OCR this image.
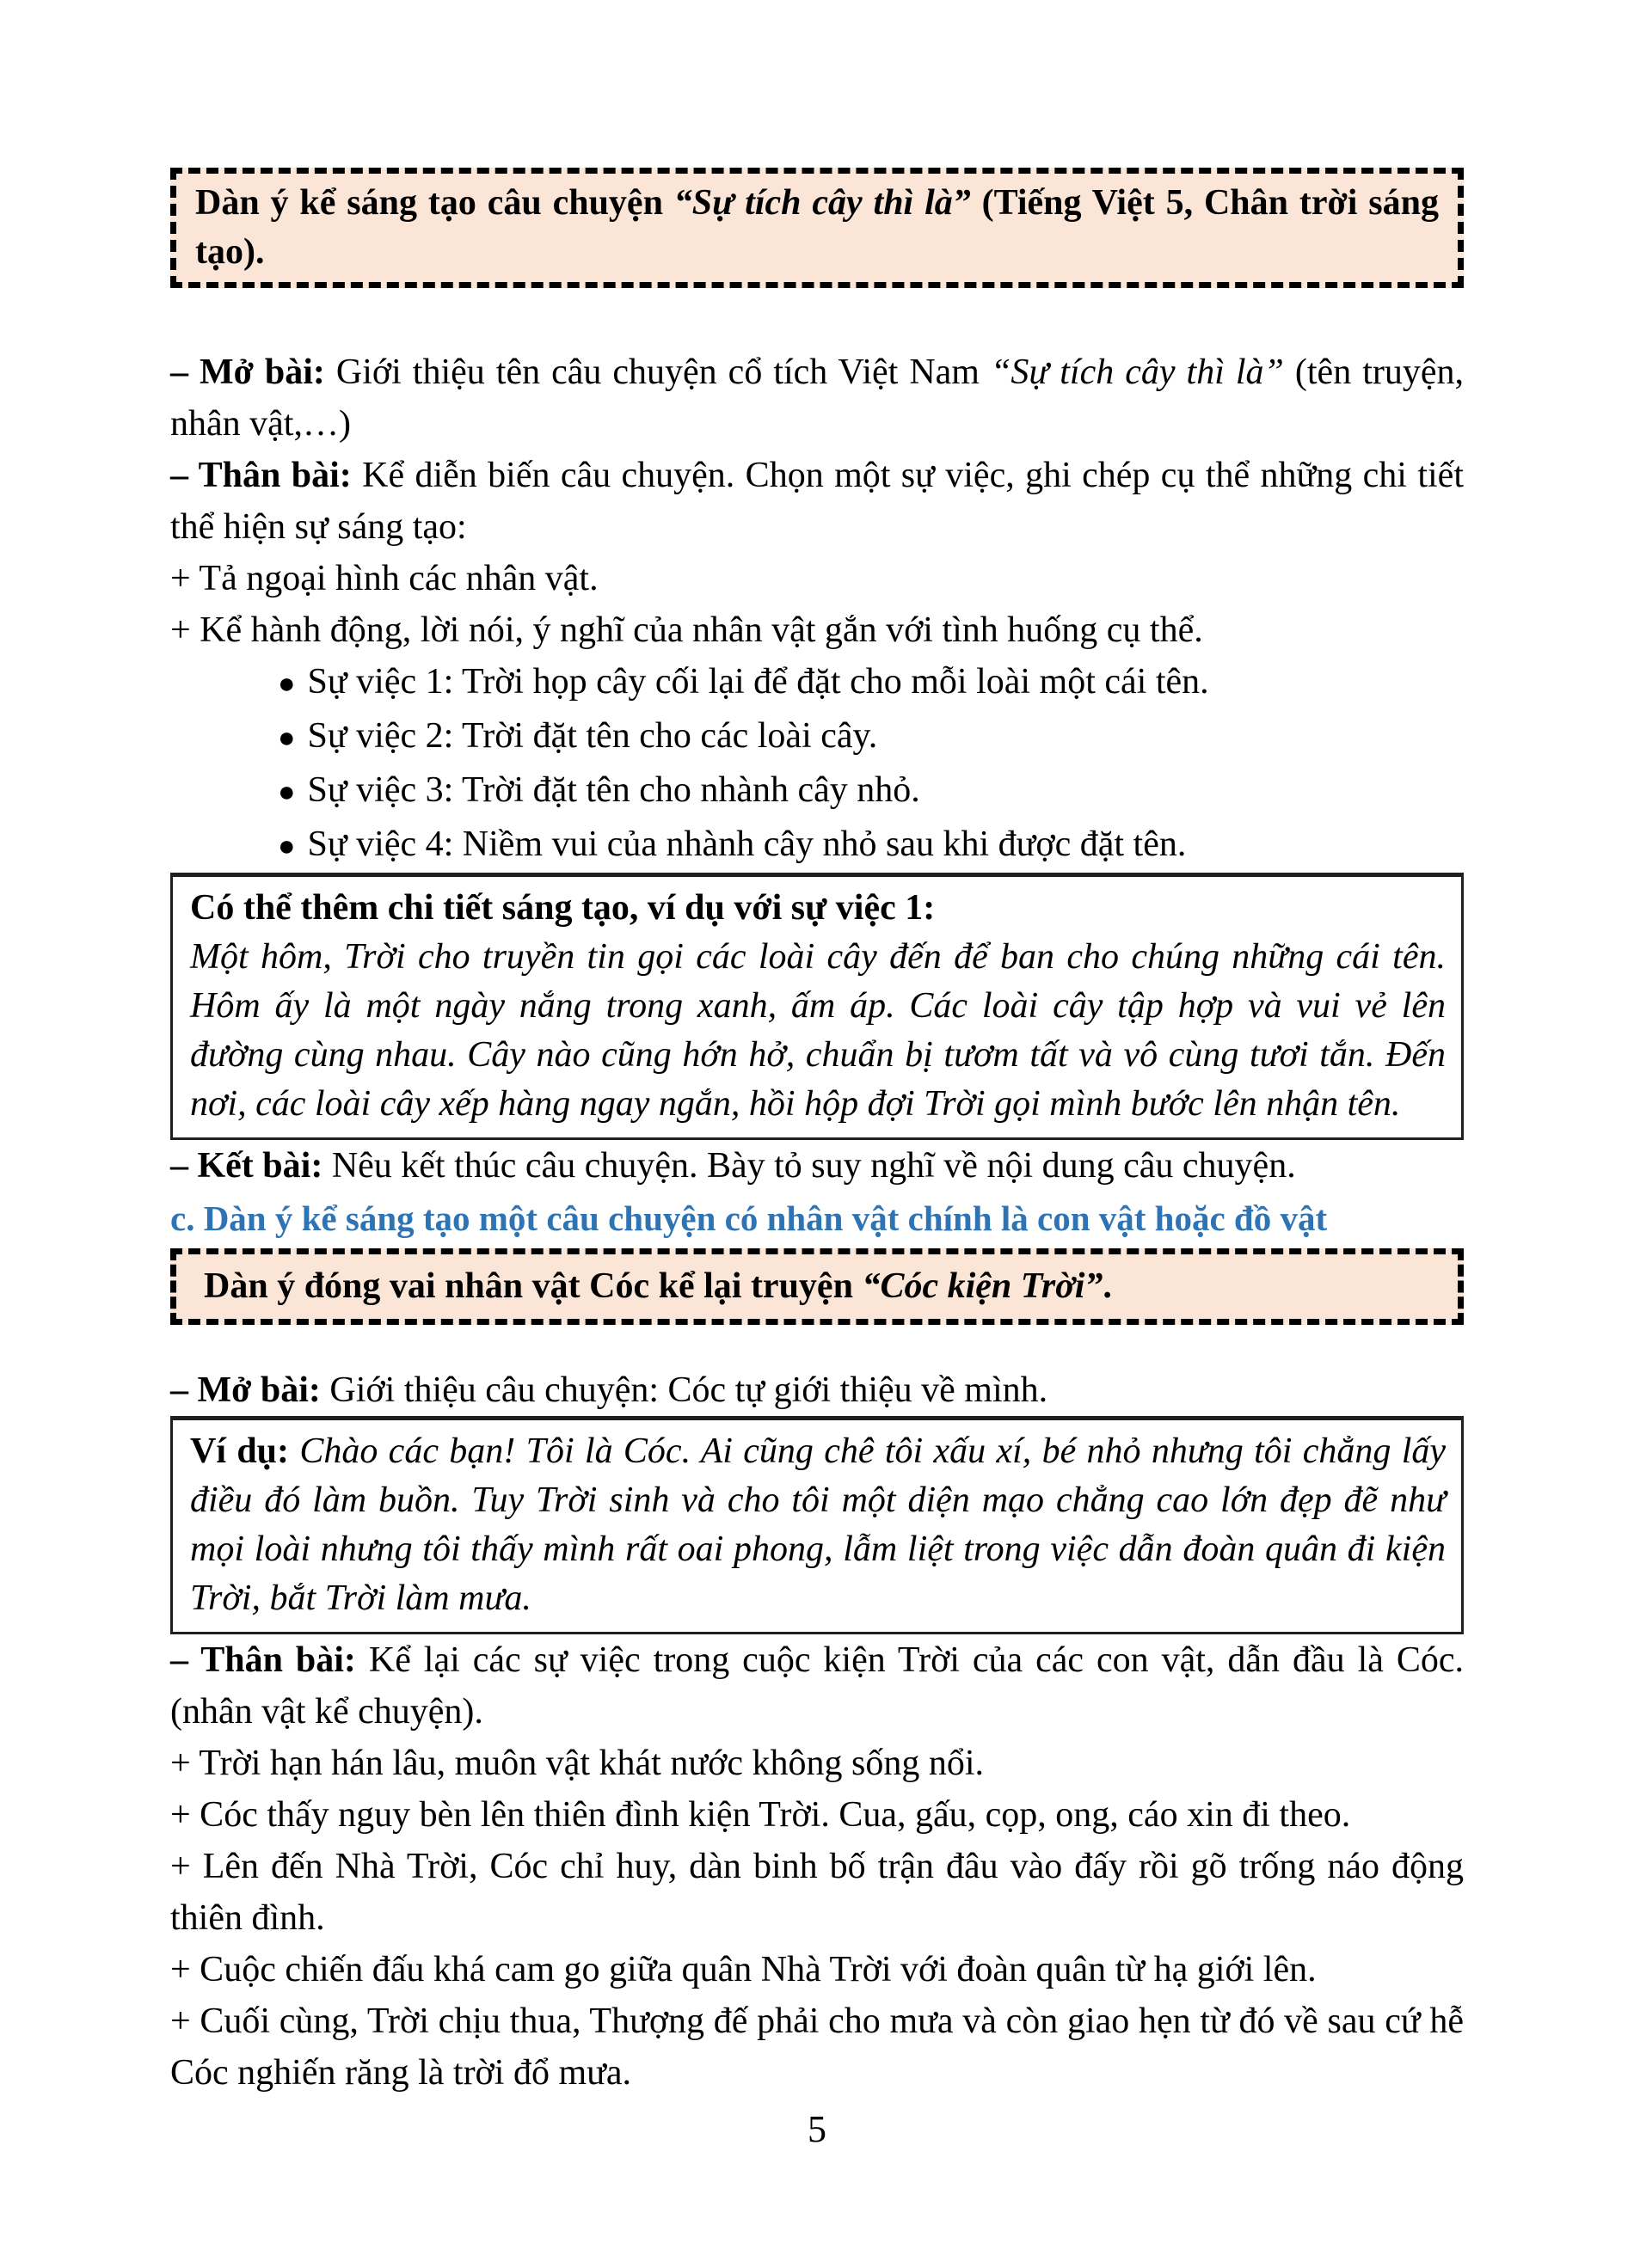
Dàn ý kể sáng tạo câu chuyện “Sự tích cây thì là” (Tiếng Việt 5, Chân trời sáng tạo).

– Mở bài: Giới thiệu tên câu chuyện cổ tích Việt Nam “Sự tích cây thì là” (tên truyện, nhân vật,…)

– Thân bài: Kể diễn biến câu chuyện. Chọn một sự việc, ghi chép cụ thể những chi tiết thể hiện sự sáng tạo:

+ Tả ngoại hình các nhân vật.

+ Kể hành động, lời nói, ý nghĩ của nhân vật gắn với tình huống cụ thể.

● Sự việc 1: Trời họp cây cối lại để đặt cho mỗi loài một cái tên.
● Sự việc 2: Trời đặt tên cho các loài cây.
● Sự việc 3: Trời đặt tên cho nhành cây nhỏ.
● Sự việc 4: Niềm vui của nhành cây nhỏ sau khi được đặt tên.
Có thể thêm chi tiết sáng tạo, ví dụ với sự việc 1:
Một hôm, Trời cho truyền tin gọi các loài cây đến để ban cho chúng những cái tên. Hôm ấy là một ngày nắng trong xanh, ấm áp. Các loài cây tập hợp và vui vẻ lên đường cùng nhau. Cây nào cũng hớn hở, chuẩn bị tươm tất và vô cùng tươi tắn. Đến nơi, các loài cây xếp hàng ngay ngắn, hồi hộp đợi Trời gọi mình bước lên nhận tên.

– Kết bài: Nêu kết thúc câu chuyện. Bày tỏ suy nghĩ về nội dung câu chuyện.

c. Dàn ý kể sáng tạo một câu chuyện có nhân vật chính là con vật hoặc đồ vật
Dàn ý đóng vai nhân vật Cóc kể lại truyện “Cóc kiện Trời”.

– Mở bài: Giới thiệu câu chuyện: Cóc tự giới thiệu về mình.

Ví dụ: Chào các bạn! Tôi là Cóc. Ai cũng chê tôi xấu xí, bé nhỏ nhưng tôi chẳng lấy điều đó làm buồn. Tuy Trời sinh và cho tôi một diện mạo chẳng cao lớn đẹp đẽ như mọi loài nhưng tôi thấy mình rất oai phong, lẫm liệt trong việc dẫn đoàn quân đi kiện Trời, bắt Trời làm mưa.

– Thân bài: Kể lại các sự việc trong cuộc kiện Trời của các con vật, dẫn đầu là Cóc. (nhân vật kể chuyện).

+ Trời hạn hán lâu, muôn vật khát nước không sống nổi.

+ Cóc thấy nguy bèn lên thiên đình kiện Trời. Cua, gấu, cọp, ong, cáo xin đi theo.

+ Lên đến Nhà Trời, Cóc chỉ huy, dàn binh bố trận đâu vào đấy rồi gõ trống náo động thiên đình.

+ Cuộc chiến đấu khá cam go giữa quân Nhà Trời với đoàn quân từ hạ giới lên.

+ Cuối cùng, Trời chịu thua, Thượng đế phải cho mưa và còn giao hẹn từ đó về sau cứ hễ Cóc nghiến răng là trời đổ mưa.

5
